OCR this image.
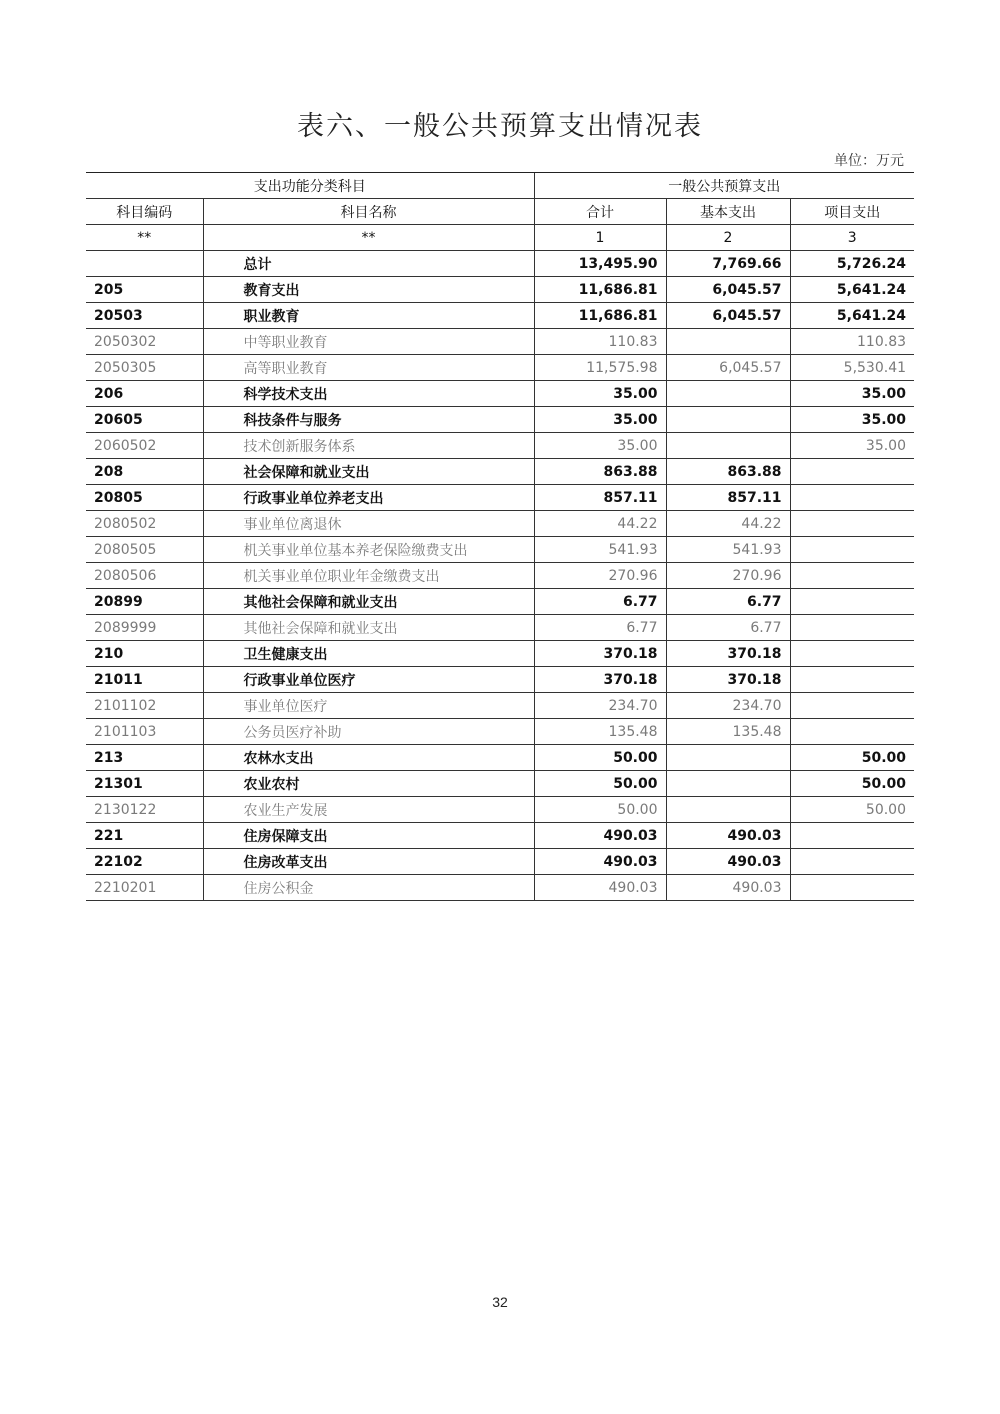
表六、一般公共预算支出情况表
单位：万元
支出功能分类科目		一般公共预算支出		
科目编码	科目名称	合计	基本支出	项目支出
**	**	1	2	3
	总计	13,495.90	7,769.66	5,726.24
205	教育支出	11,686.81	6,045.57	5,641.24
20503	职业教育	11,686.81	6,045.57	5,641.24
2050302	中等职业教育	110.83		110.83
2050305	高等职业教育	11,575.98	6,045.57	5,530.41
206	科学技术支出	35.00		35.00
20605	科技条件与服务	35.00		35.00
2060502	技术创新服务体系	35.00		35.00
208	社会保障和就业支出	863.88	863.88	
20805	行政事业单位养老支出	857.11	857.11	
2080502	事业单位离退休	44.22	44.22	
2080505	机关事业单位基本养老保险缴费支出	541.93	541.93	
2080506	机关事业单位职业年金缴费支出	270.96	270.96	
20899	其他社会保障和就业支出	6.77	6.77	
2089999	其他社会保障和就业支出	6.77	6.77	
210	卫生健康支出	370.18	370.18	
21011	行政事业单位医疗	370.18	370.18	
2101102	事业单位医疗	234.70	234.70	
2101103	公务员医疗补助	135.48	135.48	
213	农林水支出	50.00		50.00
21301	农业农村	50.00		50.00
2130122	农业生产发展	50.00		50.00
221	住房保障支出	490.03	490.03	
22102	住房改革支出	490.03	490.03	
2210201	住房公积金	490.03	490.03	
32
